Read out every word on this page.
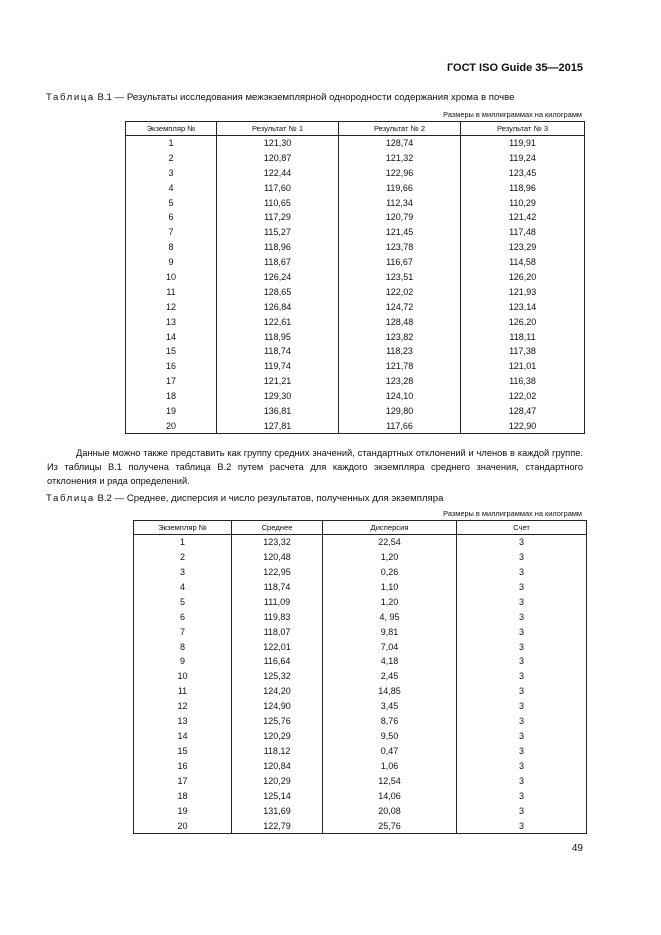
ГОСТ ISO Guide 35—2015
Таблица В.1 — Результаты исследования межэкземплярной однородности содержания хрома в почве
Размеры в миллиграммах на килограмм
Экземпляр №	Результат № 1	Результат № 2	Результат № 3
1	121,30	128,74	119,91
2	120,87	121,32	119,24
3	122,44	122,96	123,45
4	117,60	119,66	118,96
5	110,65	112,34	110,29
6	117,29	120,79	121,42
7	115,27	121,45	117,48
8	118,96	123,78	123,29
9	118,67	116,67	114,58
10	126,24	123,51	126,20
11	128,65	122,02	121,93
12	126,84	124,72	123,14
13	122,61	128,48	126,20
14	118,95	123,82	118,11
15	118,74	118,23	117,38
16	119,74	121,78	121,01
17	121,21	123,28	116,38
18	129,30	124,10	122,02
19	136,81	129,80	128,47
20	127,81	117,66	122,90
Данные можно также представить как группу средних значений, стандартных отклонений и членов в каждой группе. Из таблицы В.1 получена таблица В.2 путем расчета для каждого экземпляра среднего значения, стандартного отклонения и ряда определений.
Таблица В.2 — Среднее, дисперсия и число результатов, полученных для экземпляра
Размеры в миллиграммах на килограмм
Экземпляр №	Среднее	Дисперсия	Счет
1	123,32	22,54	3
2	120,48	1,20	3
3	122,95	0,26	3
4	118,74	1,10	3
5	111,09	1,20	3
6	119,83	4, 95	3
7	118,07	9,81	3
8	122,01	7,04	3
9	116,64	4,18	3
10	125,32	2,45	3
11	124,20	14,85	3
12	124,90	3,45	3
13	125,76	8,76	3
14	120,29	9,50	3
15	118,12	0,47	3
16	120,84	1,06	3
17	120,29	12,54	3
18	125,14	14,06	3
19	131,69	20,08	3
20	122,79	25,76	3
49
